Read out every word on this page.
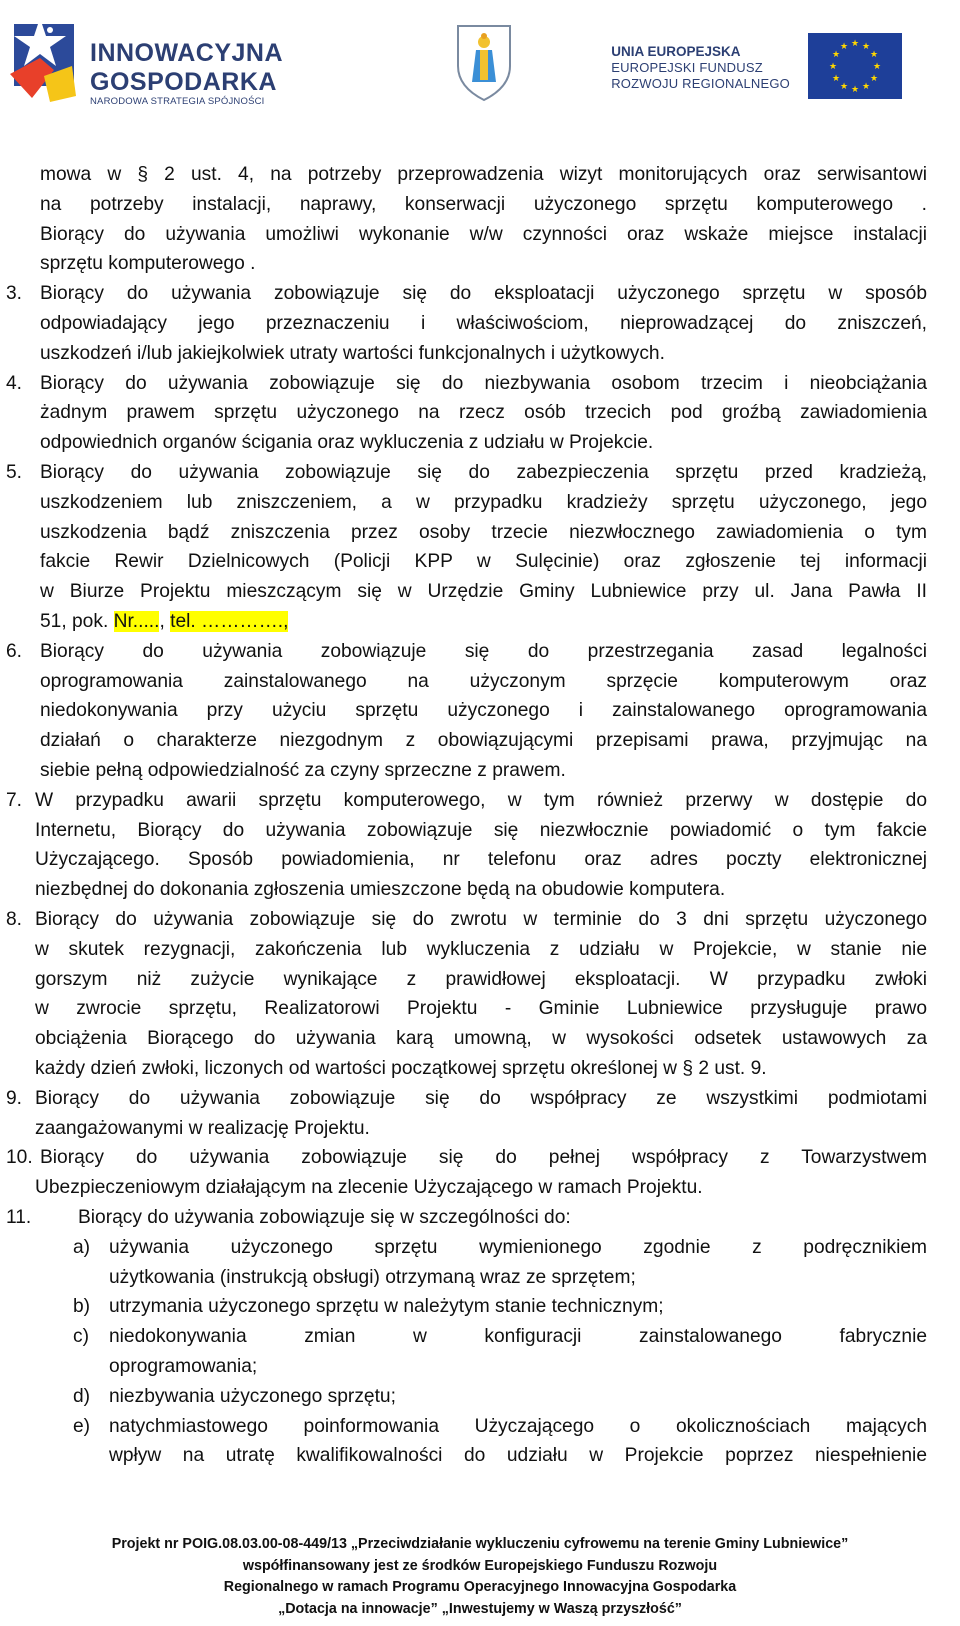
INNOWACYJNA
GOSPODARKA
NARODOWA STRATEGIA SPÓJNOŚCI
UNIA EUROPEJSKA
EUROPEJSKI FUNDUSZ
ROZWOJU REGIONALNEGO
★ ★
★
★
★
★
★
★
★
★
★
★
mowa w § 2 ust. 4, na potrzeby przeprowadzenia wizyt monitorujących oraz serwisantowi
na potrzeby instalacji, naprawy, konserwacji użyczonego sprzętu komputerowego .
Biorący do używania umożliwi wykonanie w/w czynności oraz wskaże miejsce instalacji
sprzętu komputerowego .
3. Biorący do używania zobowiązuje się do eksploatacji użyczonego sprzętu w sposób
odpowiadający jego przeznaczeniu i właściwościom, nieprowadzącej do zniszczeń,
uszkodzeń i/lub jakiejkolwiek utraty wartości funkcjonalnych i użytkowych.
4. Biorący do używania zobowiązuje się do niezbywania osobom trzecim i nieobciążania
żadnym prawem sprzętu użyczonego na rzecz osób trzecich pod groźbą zawiadomienia
odpowiednich organów ścigania oraz wykluczenia z udziału w Projekcie.
5. Biorący do używania zobowiązuje się do zabezpieczenia sprzętu przed kradzieżą,
uszkodzeniem lub zniszczeniem, a w przypadku kradzieży sprzętu użyczonego, jego
uszkodzenia bądź zniszczenia przez osoby trzecie niezwłocznego zawiadomienia o tym
fakcie Rewir Dzielnicowych (Policji KPP w Sulęcinie) oraz zgłoszenie tej informacji
w Biurze Projektu mieszczącym się w Urzędzie Gminy Lubniewice przy ul. Jana Pawła II
51, pok. Nr....., tel. ………….,
6. Biorący do używania zobowiązuje się do przestrzegania zasad legalności
oprogramowania zainstalowanego na użyczonym sprzęcie komputerowym oraz
niedokonywania przy użyciu sprzętu użyczonego i zainstalowanego oprogramowania
działań o charakterze niezgodnym z obowiązującymi przepisami prawa, przyjmując na
siebie pełną odpowiedzialność za czyny sprzeczne z prawem.
7. W przypadku awarii sprzętu komputerowego, w tym również przerwy w dostępie do
Internetu, Biorący do używania zobowiązuje się niezwłocznie powiadomić o tym fakcie
Użyczającego. Sposób powiadomienia, nr telefonu oraz adres poczty elektronicznej
niezbędnej do dokonania zgłoszenia umieszczone będą na obudowie komputera.
8. Biorący do używania zobowiązuje się do zwrotu w terminie do 3 dni sprzętu użyczonego
w skutek rezygnacji, zakończenia lub wykluczenia z udziału w Projekcie, w stanie nie
gorszym niż zużycie wynikające z prawidłowej eksploatacji. W przypadku zwłoki
w zwrocie sprzętu, Realizatorowi Projektu - Gminie Lubniewice przysługuje prawo
obciążenia Biorącego do używania karą umowną, w wysokości odsetek ustawowych za
każdy dzień zwłoki, liczonych od wartości początkowej sprzętu określonej w § 2 ust. 9.
9. Biorący do używania zobowiązuje się do współpracy ze wszystkimi podmiotami
zaangażowanymi w realizację Projektu.
10. Biorący do używania zobowiązuje się do pełnej współpracy z Towarzystwem
Ubezpieczeniowym działającym na zlecenie Użyczającego w ramach Projektu.
11. Biorący do używania zobowiązuje się w szczególności do:
a) używania użyczonego sprzętu wymienionego zgodnie z podręcznikiem
użytkowania (instrukcją obsługi) otrzymaną wraz ze sprzętem;
b) utrzymania użyczonego sprzętu w należytym stanie technicznym;
c) niedokonywania zmian w konfiguracji zainstalowanego fabrycznie
oprogramowania;
d) niezbywania użyczonego sprzętu;
e) natychmiastowego poinformowania Użyczającego o okolicznościach mających
wpływ na utratę kwalifikowalności do udziału w Projekcie poprzez niespełnienie
Projekt nr POIG.08.03.00-08-449/13 „Przeciwdziałanie wykluczeniu cyfrowemu na terenie Gminy Lubniewice”
współfinansowany jest ze środków Europejskiego Funduszu Rozwoju
Regionalnego w ramach Programu Operacyjnego Innowacyjna Gospodarka
„Dotacja na innowacje” „Inwestujemy w Waszą przyszłość”
